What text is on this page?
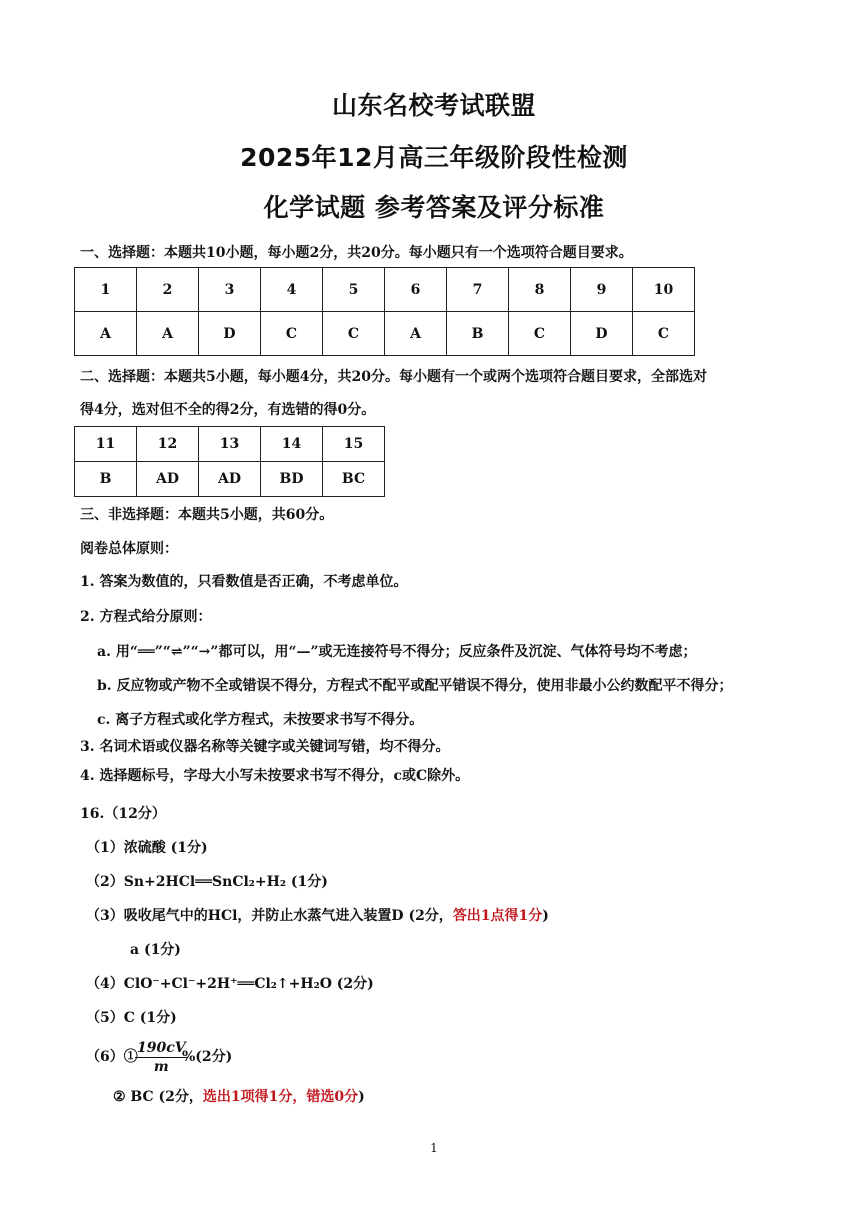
山东名校考试联盟
2025年12月高三年级阶段性检测
化学试题 参考答案及评分标准
一、选择题：本题共10小题，每小题2分，共20分。每小题只有一个选项符合题目要求。
1	2	3	4	5	6	7	8	9	10
A	A	D	C	C	A	B	C	D	C
二、选择题：本题共5小题，每小题4分，共20分。每小题有一个或两个选项符合题目要求，全部选对
得4分，选对但不全的得2分，有选错的得0分。
11	12	13	14	15
B	AD	AD	BD	BC
三、非选择题：本题共5小题，共60分。
阅卷总体原则：
1. 答案为数值的，只看数值是否正确，不考虑单位。
2. 方程式给分原则：
a. 用“══”“⇌”“→”都可以，用“—”或无连接符号不得分；反应条件及沉淀、气体符号均不考虑；
b. 反应物或产物不全或错误不得分，方程式不配平或配平错误不得分，使用非最小公约数配平不得分；
c. 离子方程式或化学方程式，未按要求书写不得分。
3. 名词术语或仪器名称等关键字或关键词写错，均不得分。
4. 选择题标号，字母大小写未按要求书写不得分，c或C除外。
16.（12分）
（1）浓硫酸 (1分)
（2）Sn+2HCl══SnCl₂+H₂ (1分)
（3）吸收尾气中的HCl，并防止水蒸气进入装置D (2分，答出1点得1分)
a (1分)
（4）ClO⁻+Cl⁻+2H⁺══Cl₂↑+H₂O (2分)
（5）C (1分)
（6）①
$\frac{190cV}{m}$
%(2分)
② BC (2分，选出1项得1分，错选0分)
1
